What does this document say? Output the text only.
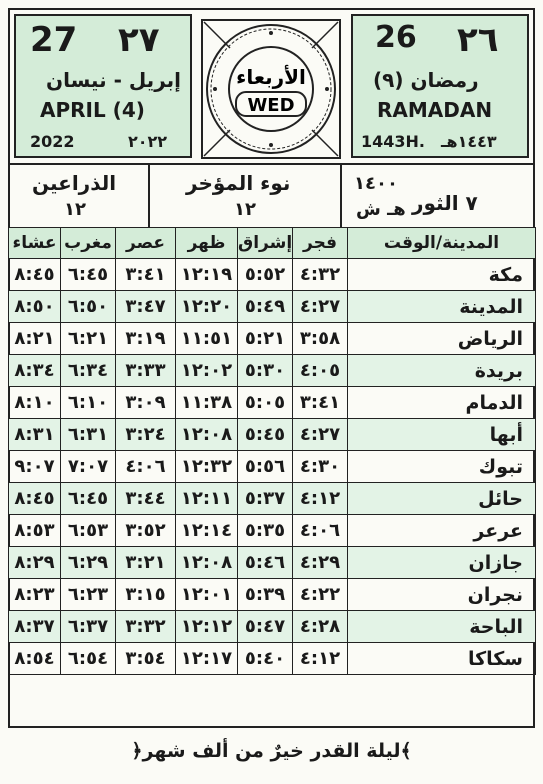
٢٧
27
إبريل - نيسان
APRIL (4)
2022	٢٠٢٢
الأربعاء
WED
٢٦
26
رمضان (٩)
RAMADAN
1443H. ١٤٤٣هـ
الذراعين
١٢
نوء المؤخر
١٢	٧ الثور
١٤٠٠
هـ ش
عشاء	مغرب	عصر	ظهر	إشراق	فجر	المدينة/الوقت
٨:٤٥	٦:٤٥	٣:٤١	١٢:١٩	٥:٥٢	٤:٣٢	مكة
٨:٥٠	٦:٥٠	٣:٤٧	١٢:٢٠	٥:٤٩	٤:٢٧	المدينة
٨:٢١	٦:٢١	٣:١٩	١١:٥١	٥:٢١	٣:٥٨	الرياض
٨:٣٤	٦:٣٤	٣:٣٣	١٢:٠٢	٥:٣٠	٤:٠٥	بريدة
٨:١٠	٦:١٠	٣:٠٩	١١:٣٨	٥:٠٥	٣:٤١	الدمام
٨:٣١	٦:٣١	٣:٢٤	١٢:٠٨	٥:٤٥	٤:٢٧	أبها
٩:٠٧	٧:٠٧	٤:٠٦	١٢:٣٢	٥:٥٦	٤:٣٠	تبوك
٨:٤٥	٦:٤٥	٣:٤٤	١٢:١١	٥:٣٧	٤:١٢	حائل
٨:٥٣	٦:٥٣	٣:٥٢	١٢:١٤	٥:٣٥	٤:٠٦	عرعر
٨:٢٩	٦:٢٩	٣:٢١	١٢:٠٨	٥:٤٦	٤:٢٩	جازان
٨:٢٣	٦:٢٣	٣:١٥	١٢:٠١	٥:٣٩	٤:٢٢	نجران
٨:٣٧	٦:٣٧	٣:٣٢	١٢:١٢	٥:٤٧	٤:٢٨	الباحة
٨:٥٤	٦:٥٤	٣:٥٤	١٢:١٧	٥:٤٠	٤:١٢	سكاكا
﴿ليلة القدر خيرٌ من ألف شهر﴾
